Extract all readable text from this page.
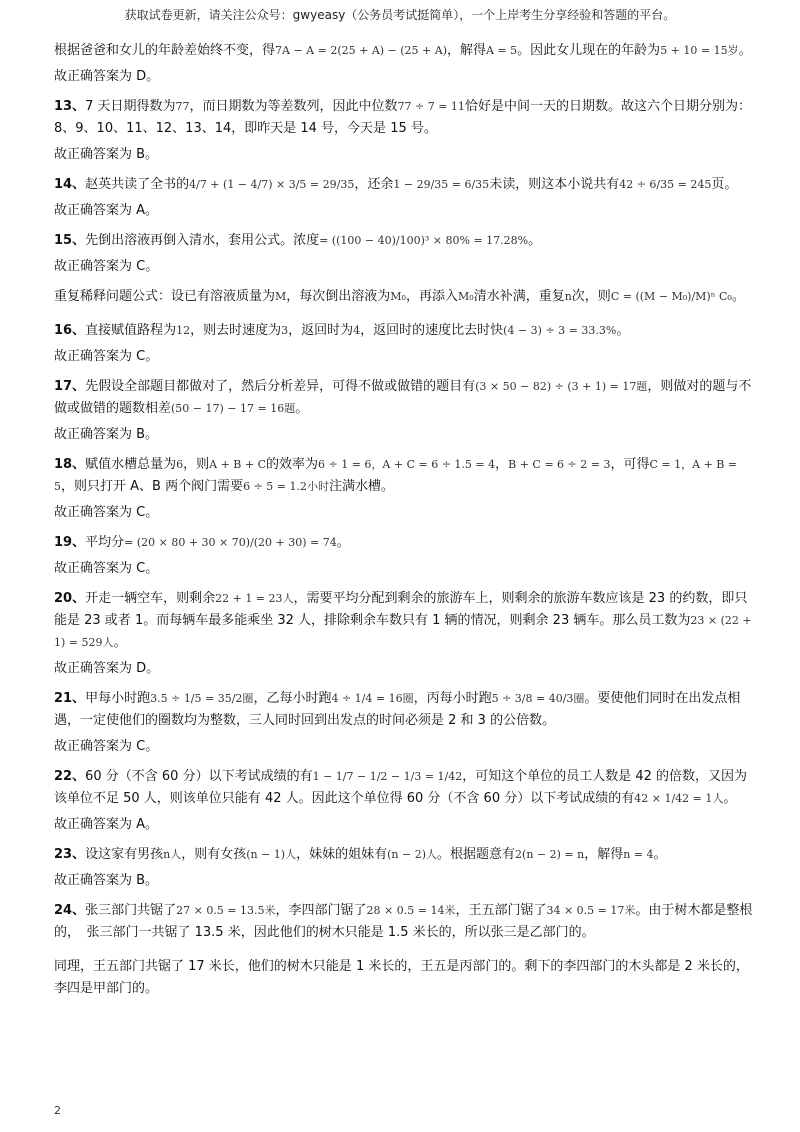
获取试卷更新，请关注公众号：gwyeasy（公务员考试挺简单），一个上岸考生分享经验和答题的平台。
根据爸爸和女儿的年龄差始终不变，得7A − A = 2(25 + A) − (25 + A)，解得A = 5。因此女儿现在的年龄为5 + 10 = 15岁。
故正确答案为 D。
13、7 天日期得数为77，而日期数为等差数列，因此中位数77 ÷ 7 = 11恰好是中间一天的日期数。故这六个日期分别为：8、9、10、11、12、13、14，即昨天是 14 号，今天是 15 号。
故正确答案为 B。
14、赵英共读了全书的4/7 + (1 − 4/7) × 3/5 = 29/35，还余1 − 29/35 = 6/35未读，则这本小说共有42 ÷ 6/35 = 245页。
故正确答案为 A。
15、先倒出溶液再倒入清水，套用公式。浓度= ((100 − 40)/100)³ × 80% = 17.28%。
故正确答案为 C。
重复稀释问题公式：设已有溶液质量为M，每次倒出溶液为M₀，再添入M₀清水补满，重复n次，则C = ((M − M₀)/M)ⁿ C₀。
16、直接赋值路程为12，则去时速度为3，返回时为4，返回时的速度比去时快(4 − 3) ÷ 3 = 33.3%。
故正确答案为 C。
17、先假设全部题目都做对了，然后分析差异，可得不做或做错的题目有(3 × 50 − 82) ÷ (3 + 1) = 17题，则做对的题与不做或做错的题数相差(50 − 17) − 17 = 16题。
故正确答案为 B。
18、赋值水槽总量为6，则A + B + C的效率为6 ÷ 1 = 6，A + C = 6 ÷ 1.5 = 4，B + C = 6 ÷ 2 = 3，可得C = 1，A + B = 5，则只打开 A、B 两个阀门需要6 ÷ 5 = 1.2小时注满水槽。
故正确答案为 C。
19、平均分= (20 × 80 + 30 × 70)/(20 + 30) = 74。
故正确答案为 C。
20、开走一辆空车，则剩余22 + 1 = 23人，需要平均分配到剩余的旅游车上，则剩余的旅游车数应该是 23 的约数，即只能是 23 或者 1。而每辆车最多能乘坐 32 人，排除剩余车数只有 1 辆的情况，则剩余 23 辆车。那么员工数为23 × (22 + 1) = 529人。
故正确答案为 D。
21、甲每小时跑3.5 ÷ 1/5 = 35/2圈，乙每小时跑4 ÷ 1/4 = 16圈，丙每小时跑5 ÷ 3/8 = 40/3圈。要使他们同时在出发点相遇，一定使他们的圈数均为整数，三人同时回到出发点的时间必须是 2 和 3 的公倍数。
故正确答案为 C。
22、60 分（不含 60 分）以下考试成绩的有1 − 1/7 − 1/2 − 1/3 = 1/42，可知这个单位的员工人数是 42 的倍数，又因为该单位不足 50 人，则该单位只能有 42 人。因此这个单位得 60 分（不含 60 分）以下考试成绩的有42 × 1/42 = 1人。
故正确答案为 A。
23、设这家有男孩n人，则有女孩(n − 1)人，妹妹的姐妹有(n − 2)人。根据题意有2(n − 2) = n，解得n = 4。
故正确答案为 B。
24、张三部门共锯了27 × 0.5 = 13.5米，李四部门锯了28 × 0.5 = 14米，王五部门锯了34 × 0.5 = 17米。由于树木都是整根的，　张三部门一共锯了 13.5 米，因此他们的树木只能是 1.5 米长的，所以张三是乙部门的。
同理，王五部门共锯了 17 米长，他们的树木只能是 1 米长的，王五是丙部门的。剩下的李四部门的木头都是 2 米长的，李四是甲部门的。
2
